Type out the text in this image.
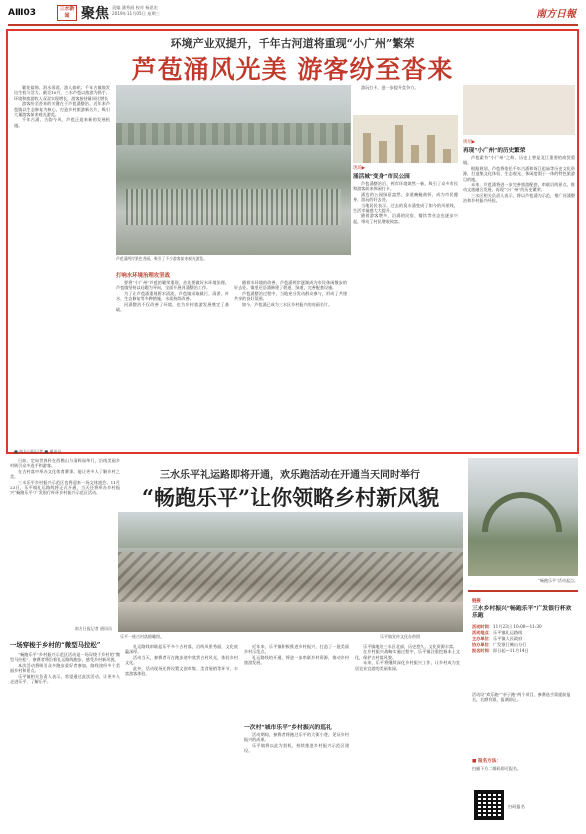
AⅢ03	三水新闻 聚焦 责编 潘秀丽 校对 杨思宏
2019年11月05日 星期三	南方日報
环境产业双提升，千年古河道将重现“小广州”繁荣
芦苞涌风光美 游客纷至沓来

繁花似锦、涓水荡漾，游人如织；千年古镇焕发出生机与活力。截至10月，三水芦苞以旅游为抓手，环境和旅游收入双双实现增长，游客接待量同比增长

游客纷至沓来的关键在于芦苞涌整治。近年来芦苞镇以生态修复为核心，打造乡村旅游新名片，吸引大量游客前来观光游览。

千年古涌，古韵今风，芦苞正迎来新的发展机遇。

芦苞涌两岸景色秀丽，吸引了不少游客前来观光游览。
打响水环境治理攻坚战

要将“小广州”芦苞的繁荣重现，首先要做好水环境治理。芦苞镇坚持以问题为导向，全面开展河涌整治工作。

为了让芦苞涌重现碧水清流，芦苞镇采取截污、清淤、补水、生态修复等多种措施，水质持续改善。

河涌整治不仅改善了环境，也为乡村旅游发展奠定了基础。

随着水环境的改善，芦苞涌两岸逐渐成为市民休闲散步的好去处。镇里还沿涌修建了碧道、绿道，完善配套设施。

芦苞涌整治过程中，当地充分发动群众参与，形成了共建共享的良好氛围。

如今，芦苞涌已成为三水区乡村振兴的亮丽名片。

游玩打卡，进一步提升竞争力。

现场▶
涌活城“变身”市民公园

芦苞涌整治后，两岸环境焕然一新，吸引了众多市民和游客前来休闲打卡。

涌边的公园绿意盎然，步道蜿蜒曲折，成为市民健身、游玩的好去处。

当地居民表示，过去的臭水涌变成了如今的风景线，生活幸福感大大提升。

随着游客增多，沿涌的民宿、餐饮等业态也逐步兴起，带动了村民增收致富。

规划▶
再现“小广州”的历史繁荣

芦苞素有“小广州”之称，历史上曾是北江重要的商贸重镇。

根据规划，芦苞将依托千年古涌和胥江祖庙等历史文化资源，打造集文化体验、生态观光、休闲度假于一体的特色旅游目的地。

未来，芦苞涌将进一步完善旅游配套，串联沿线景点，推动文旅融合发展，再现“小广州”的历史繁荣。

三水区相关负责人表示，将以芦苞涌为示范，推广河涌整治和乡村振兴经验。

■ 南方日报记者 ■ 通讯员

日前，定向世界杯在西樵山与清晖园举行，沿线美丽乡村吸引众多选手和游客。

在古村落中举办文化体育赛事，能让更多人了解乡村之美。

三水乐平乡村振兴示范区也将迎来一场文体盛会。11月23日，乐平镇礼运路线将正式开通，当天还将举办乡村振兴“畅跑乐平”广发银行杯环乡村振兴示范区活动。

南方日报记者 通讯员
三水乐平礼运路即将开通，欢乐跑活动在开通当天同时举行
“畅跑乐平”让你领略乡村新风貌
“畅跑乐平”活动起点。
乐平一座古村落俯瞰图。	乐平镇宣传文化办供图
一场穿梭于乡村的“微型马拉松”

“畅跑乐平”乡村振兴示范区活动是一场穿梭于乡村的“微型马拉松”，参赛者将沿着礼运路线跑步，感受乡村新风貌。

本次活动将吸引众多跑步爱好者参加，路线途经多个美丽乡村和景点。

乐平镇相关负责人表示，希望通过此次活动，让更多人走进乐平、了解乐平。

礼运路线串联起乐平多个古村落，沿线风景秀丽，文化底蕴深厚。

活动当天，参赛者可在跑步途中欣赏古村风光，体验乡村文化。

此外，活动现场还将设置文创市集、美食展销等环节，丰富游客体验。

近年来，乐平镇积极推进乡村振兴，打造了一批美丽乡村示范点。

礼运路线的开通，将进一步串联乡村资源，推动乡村旅游发展。

一次村“城市乐平”乡村振兴的巡礼

活动期间，参赛者将跑过乐平的大街小巷，见证乡村振兴的成果。

乐平镇将以此为契机，持续推进乡村振兴示范区建设。

乐平镇地处三水区北部，历史悠久，文化资源丰富。

在乡村振兴战略实施过程中，乐平镇注重挖掘本土文化，保护古村落风貌。

未来，乐平将继续深化乡村振兴工作，让乡村成为宜居宜业宜游的美丽家园。

链接
三水乡村振兴“畅跑乐平”广发银行杯欢乐跑
活动时间：11月23日 10:00—11:30
活动地点：乐平镇礼运路线
主办单位：乐平镇人民政府
协办单位：广发银行佛山分行
报名时间：即日起—11月14日
活动设“欢乐跑”“亲子跑”两个项目，参赛选手需提前报名，名额有限，报满即止。
■ 报名方法：
扫描下方二维码即可报名。
扫码报名
